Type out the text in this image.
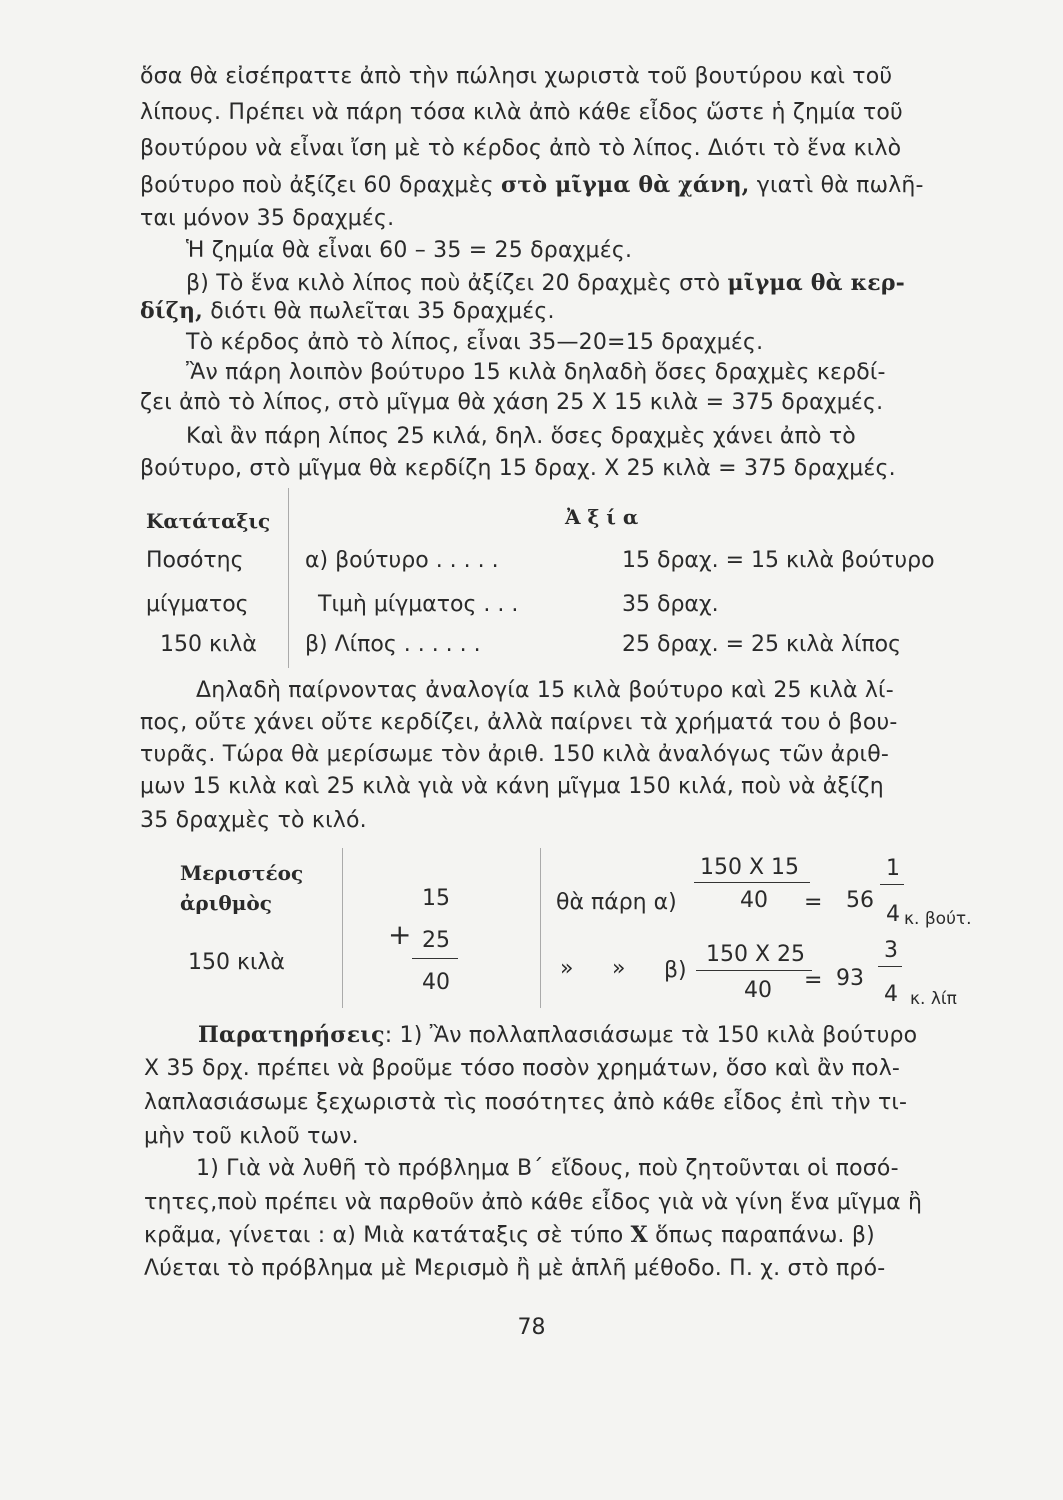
ὅσα θὰ εἰσέπραττε ἀπὸ τὴν πώλησι χωριστὰ τοῦ βουτύρου καὶ τοῦ
λίπους. Πρέπει νὰ πάρη τόσα κιλὰ ἀπὸ κάθε εἶδος ὥστε ἡ ζημία τοῦ
βουτύρου νὰ εἶναι ἴση μὲ τὸ κέρδος ἀπὸ τὸ λίπος. Διότι τὸ ἕνα κιλὸ
βούτυρο ποὺ ἀξίζει 60 δραχμὲς στὸ μῖγμα θὰ χάνη, γιατὶ θὰ πωλῆ-
ται μόνον 35 δραχμές.
Ἡ ζημία θὰ εἶναι 60 – 35 = 25 δραχμές.
β) Τὸ ἕνα κιλὸ λίπος ποὺ ἀξίζει 20 δραχμὲς στὸ μῖγμα θὰ κερ-
δίζη, διότι θὰ πωλεῖται 35 δραχμές.
Τὸ κέρδος ἀπὸ τὸ λίπος, εἶναι 35—20=15 δραχμές.
Ἂν πάρη λοιπὸν βούτυρο 15 κιλὰ δηλαδὴ ὅσες δραχμὲς κερδί-
ζει ἀπὸ τὸ λίπος, στὸ μῖγμα θὰ χάση 25 X 15 κιλὰ = 375 δραχμές.
Καὶ ἂν πάρη λίπος 25 κιλά, δηλ. ὅσες δραχμὲς χάνει ἀπὸ τὸ
βούτυρο, στὸ μῖγμα θὰ κερδίζη 15 δραχ. X 25 κιλὰ = 375 δραχμές.
Κατάταξις	Ἀ ξ ί α
Ποσότης
μίγματος
150 κιλὰ
α) βούτυρο . . . . .
Τιμὴ μίγματος . . .
β) Λίπος . . . . . .
15 δραχ. = 15 κιλὰ βούτυρο
35 δραχ.
25 δραχ. = 25 κιλὰ λίπος
Δηλαδὴ παίρνοντας ἀναλογία 15 κιλὰ βούτυρο καὶ 25 κιλὰ λί-
πος, οὔτε χάνει οὔτε κερδίζει, ἀλλὰ παίρνει τὰ χρήματά του ὁ βου-
τυρᾶς. Τώρα θὰ μερίσωμε τὸν ἀριθ. 150 κιλὰ ἀναλόγως τῶν ἀριθ-
μων 15 κιλὰ καὶ 25 κιλὰ γιὰ νὰ κάνη μῖγμα 150 κιλά, ποὺ νὰ ἀξίζη
35 δραχμὲς τὸ κιλό.
Μεριστέος
ἀριθμὸς
150 κιλὰ
15
+ 25
40
θὰ πάρη α)
150 X 15
40 = 56
1
4 κ. βούτ.
» » β)
150 X 25
40 = 93
3
4 κ. λίπ
Παρατηρήσεις: 1) Ἂν πολλαπλασιάσωμε τὰ 150 κιλὰ βούτυρο
X 35 δρχ. πρέπει νὰ βροῦμε τόσο ποσὸν χρημάτων, ὅσο καὶ ἂν πολ-
λαπλασιάσωμε ξεχωριστὰ τὶς ποσότητες ἀπὸ κάθε εἶδος ἐπὶ τὴν τι-
μὴν τοῦ κιλοῦ των.
1) Γιὰ νὰ λυθῆ τὸ πρόβλημα Β΄ εἴδους, ποὺ ζητοῦνται οἱ ποσό-
τητες,ποὺ πρέπει νὰ παρθοῦν ἀπὸ κάθε εἶδος γιὰ νὰ γίνη ἕνα μῖγμα ἢ
κρᾶμα, γίνεται : α) Μιὰ κατάταξις σὲ τύπο X ὅπως παραπάνω. β)
Λύεται τὸ πρόβλημα μὲ Μερισμὸ ἢ μὲ ἁπλῆ μέθοδο. Π. χ. στὸ πρό-
78
